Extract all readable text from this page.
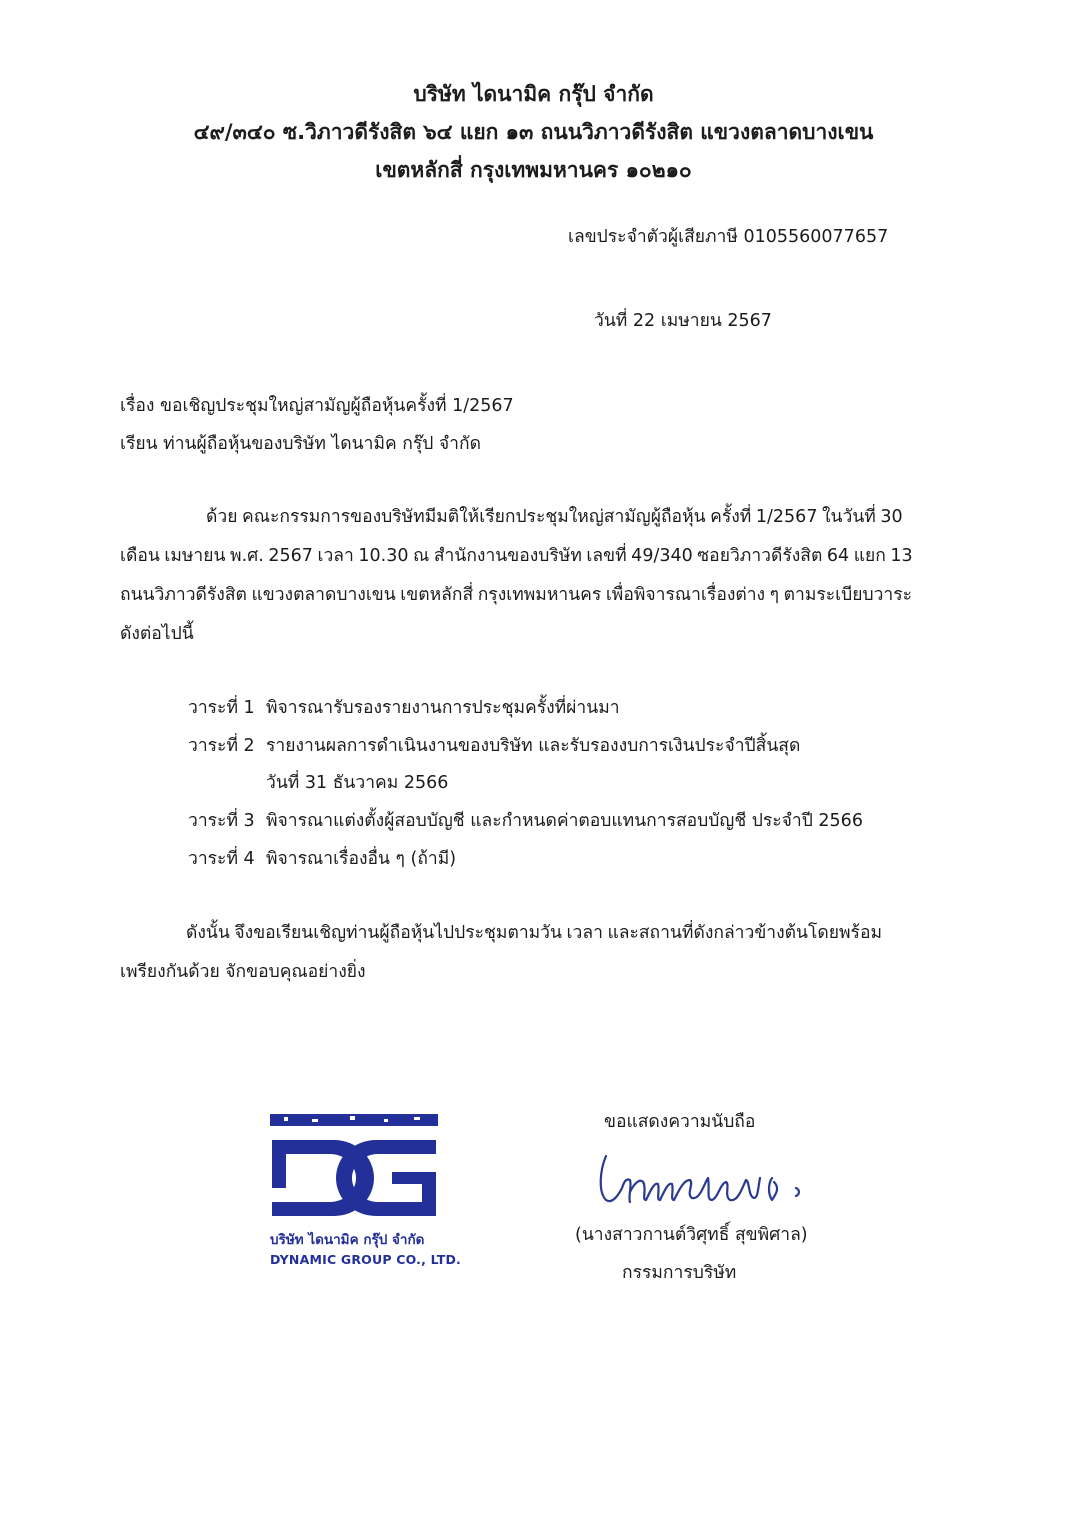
บริษัท ไดนามิค กรุ๊ป จำกัด
๔๙/๓๔๐ ซ.วิภาวดีรังสิต ๖๔ แยก ๑๓ ถนนวิภาวดีรังสิต แขวงตลาดบางเขน
เขตหลักสี่ กรุงเทพมหานคร ๑๐๒๑๐
เลขประจำตัวผู้เสียภาษี 0105560077657
วันที่ 22 เมษายน 2567
เรื่อง ขอเชิญประชุมใหญ่สามัญผู้ถือหุ้นครั้งที่ 1/2567
เรียน ท่านผู้ถือหุ้นของบริษัท ไดนามิค กรุ๊ป จำกัด
ด้วย คณะกรรมการของบริษัทมีมติให้เรียกประชุมใหญ่สามัญผู้ถือหุ้น ครั้งที่ 1/2567 ในวันที่ 30
เดือน เมษายน พ.ศ. 2567 เวลา 10.30 ณ สำนักงานของบริษัท เลขที่ 49/340 ซอยวิภาวดีรังสิต 64 แยก 13
ถนนวิภาวดีรังสิต แขวงตลาดบางเขน เขตหลักสี่ กรุงเทพมหานคร เพื่อพิจารณาเรื่องต่าง ๆ ตามระเบียบวาระ
ดังต่อไปนี้
วาระที่ 1 พิจารณารับรองรายงานการประชุมครั้งที่ผ่านมา
วาระที่ 2 รายงานผลการดำเนินงานของบริษัท และรับรองงบการเงินประจำปีสิ้นสุด
วันที่ 31 ธันวาคม 2566
วาระที่ 3 พิจารณาแต่งตั้งผู้สอบบัญชี และกำหนดค่าตอบแทนการสอบบัญชี ประจำปี 2566
วาระที่ 4 พิจารณาเรื่องอื่น ๆ (ถ้ามี)
ดังนั้น จึงขอเรียนเชิญท่านผู้ถือหุ้นไปประชุมตามวัน เวลา และสถานที่ดังกล่าวข้างต้นโดยพร้อม
เพรียงกันด้วย จักขอบคุณอย่างยิ่ง
บริษัท ไดนามิค กรุ๊ป จำกัด
DYNAMIC GROUP CO., LTD.
ขอแสดงความนับถือ
(นางสาวกานต์วิศุทธิ์ สุขพิศาล)
กรรมการบริษัท
